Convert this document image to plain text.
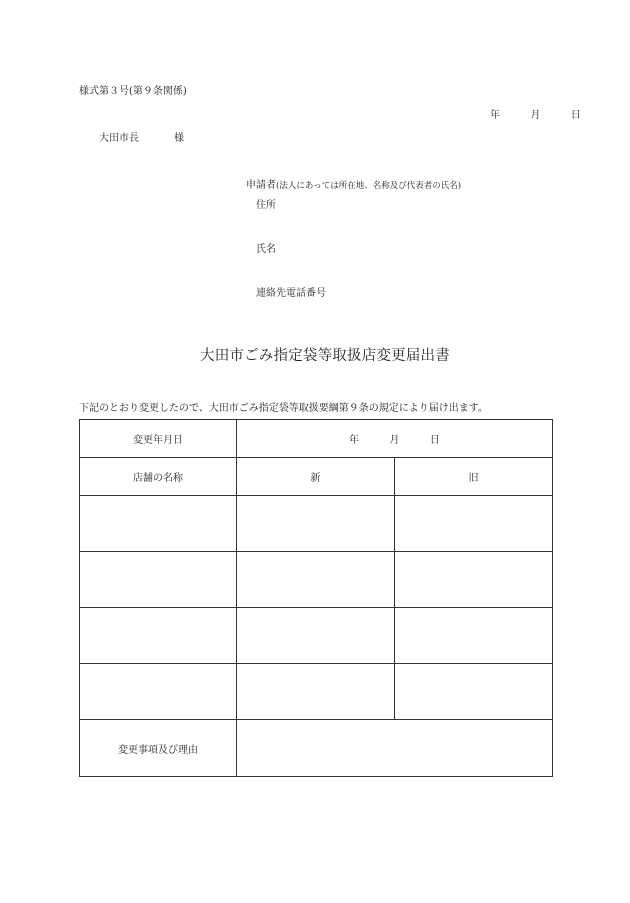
様式第３号(第９条関係)
年	月	日
大田市長	様
申請者(法人にあっては所在地、名称及び代表者の氏名)
住所
氏名
連絡先電話番号
大田市ごみ指定袋等取扱店変更届出書
下記のとおり変更したので、大田市ごみ指定袋等取扱要綱第９条の規定により届け出ます。
変更年月日	年 月 日	
店舗の名称	新	旧

変更事項及び理由		
